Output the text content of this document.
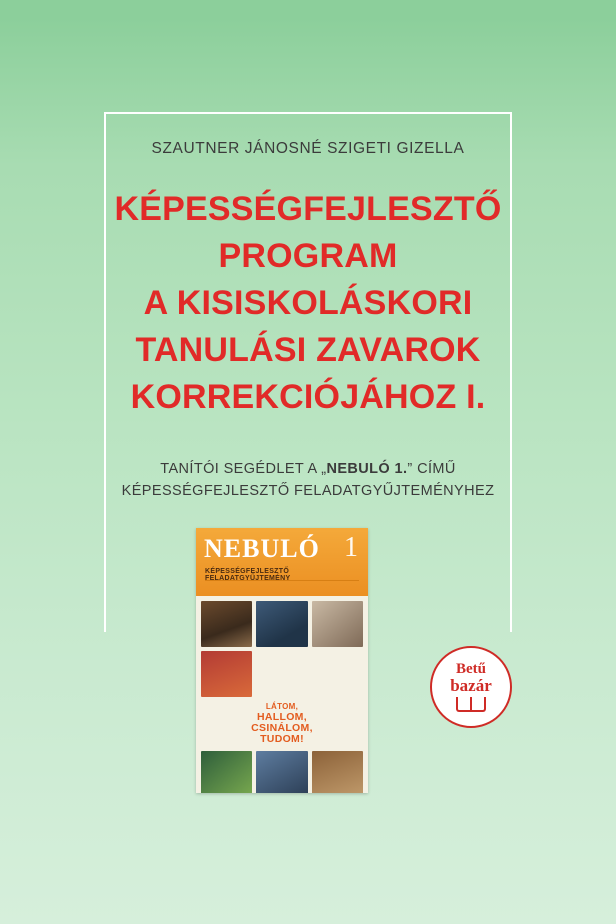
SZAUTNER JÁNOSNÉ SZIGETI GIZELLA
KÉPESSÉGFEJLESZTŐ
PROGRAM
A KISISKOLÁSKORI
TANULÁSI ZAVAROK
KORREKCIÓJÁHOZ I.
TANÍTÓI SEGÉDLET A „NEBULÓ 1.” CÍMŰ
KÉPESSÉGFEJLESZTŐ FELADATGYŰJTEMÉNYHEZ
NEBULÓ 1
KÉPESSÉGFEJLESZTŐ FELADATGYŰJTEMÉNY
LÁTOM,
HALLOM,
CSINÁLOM,
TUDOM!
Betű
bazár
